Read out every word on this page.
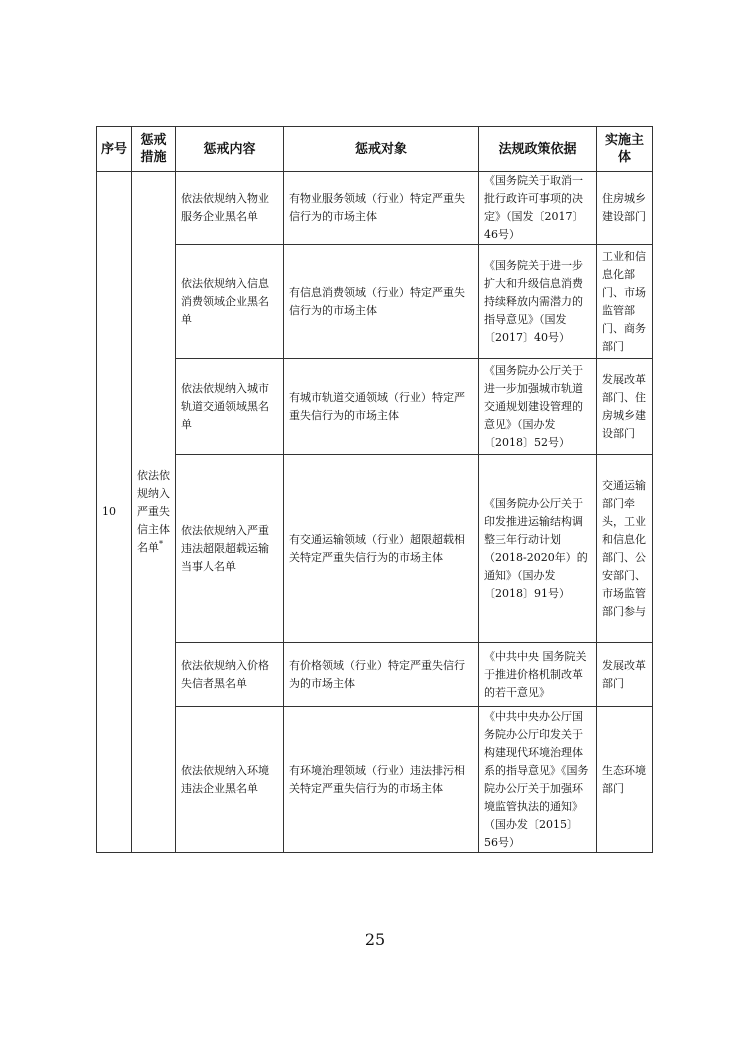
序号	惩戒措施	惩戒内容	惩戒对象	法规政策依据	实施主体
10	依法依规纳入严重失信主体名单*	依法依规纳入物业服务企业黑名单	有物业服务领域（行业）特定严重失信行为的市场主体	《国务院关于取消一批行政许可事项的决定》（国发〔2017〕46号）	住房城乡建设部门
		依法依规纳入信息消费领域企业黑名单	有信息消费领域（行业）特定严重失信行为的市场主体	《国务院关于进一步扩大和升级信息消费持续释放内需潜力的指导意见》（国发〔2017〕40号）	工业和信息化部门、市场监管部门、商务部门
		依法依规纳入城市轨道交通领域黑名单	有城市轨道交通领域（行业）特定严重失信行为的市场主体	《国务院办公厅关于进一步加强城市轨道交通规划建设管理的意见》（国办发〔2018〕52号）	发展改革部门、住房城乡建设部门
		依法依规纳入严重违法超限超载运输当事人名单	有交通运输领域（行业）超限超载相关特定严重失信行为的市场主体	《国务院办公厅关于印发推进运输结构调整三年行动计划（2018-2020年）的通知》（国办发〔2018〕91号）	交通运输部门牵头，工业和信息化部门、公安部门、市场监管部门参与
		依法依规纳入价格失信者黑名单	有价格领域（行业）特定严重失信行为的市场主体	《中共中央 国务院关于推进价格机制改革的若干意见》	发展改革部门
		依法依规纳入环境违法企业黑名单	有环境治理领域（行业）违法排污相关特定严重失信行为的市场主体	《中共中央办公厅国务院办公厅印发关于构建现代环境治理体系的指导意见》《国务院办公厅关于加强环境监管执法的通知》（国办发〔2015〕56号）	生态环境部门
25
